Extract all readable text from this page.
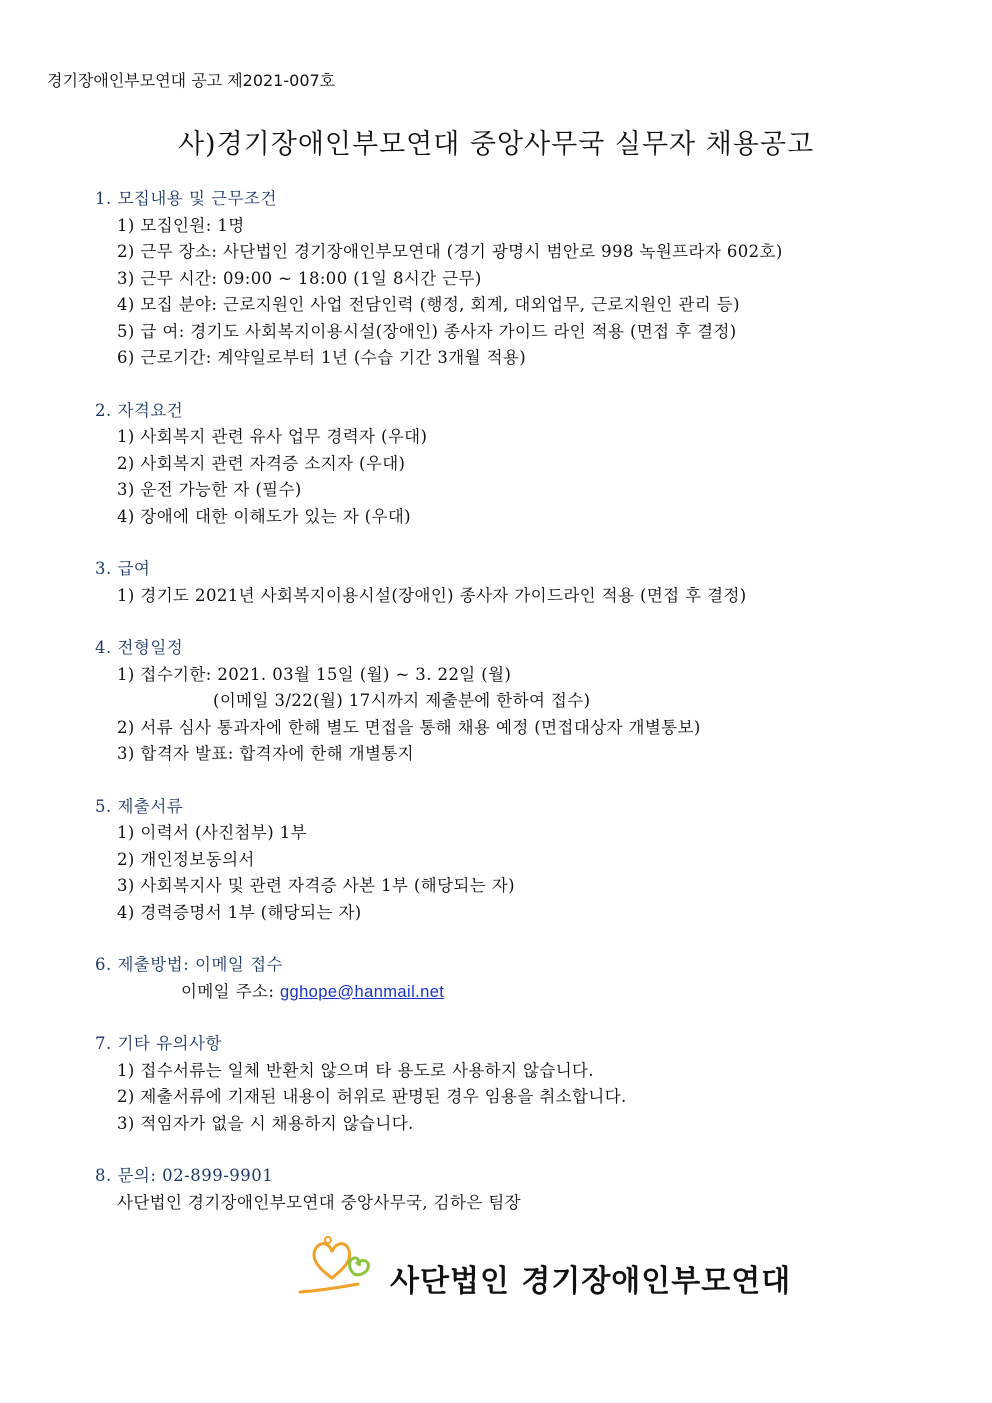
경기장애인부모연대 공고 제2021-007호
사)경기장애인부모연대 중앙사무국 실무자 채용공고
1. 모집내용 및 근무조건
1) 모집인원: 1명
2) 근무 장소: 사단법인 경기장애인부모연대 (경기 광명시 범안로 998 녹원프라자 602호)
3) 근무 시간: 09:00 ~ 18:00 (1일 8시간 근무)
4) 모집 분야: 근로지원인 사업 전담인력 (행정, 회계, 대외업무, 근로지원인 관리 등)
5) 급 여: 경기도 사회복지이용시설(장애인) 종사자 가이드 라인 적용 (면접 후 결정)
6) 근로기간: 계약일로부터 1년 (수습 기간 3개월 적용)
2. 자격요건
1) 사회복지 관련 유사 업무 경력자 (우대)
2) 사회복지 관련 자격증 소지자 (우대)
3) 운전 가능한 자 (필수)
4) 장애에 대한 이해도가 있는 자 (우대)
3. 급여
1) 경기도 2021년 사회복지이용시설(장애인) 종사자 가이드라인 적용 (면접 후 결정)
4. 전형일정
1) 접수기한: 2021. 03월 15일 (월) ~ 3. 22일 (월)
(이메일 3/22(월) 17시까지 제출분에 한하여 접수)
2) 서류 심사 통과자에 한해 별도 면접을 통해 채용 예정 (면접대상자 개별통보)
3) 합격자 발표: 합격자에 한해 개별통지
5. 제출서류
1) 이력서 (사진첨부) 1부
2) 개인정보동의서
3) 사회복지사 및 관련 자격증 사본 1부 (해당되는 자)
4) 경력증명서 1부 (해당되는 자)
6. 제출방법: 이메일 접수
이메일 주소: gghope@hanmail.net
7. 기타 유의사항
1) 접수서류는 일체 반환치 않으며 타 용도로 사용하지 않습니다.
2) 제출서류에 기재된 내용이 허위로 판명된 경우 임용을 취소합니다.
3) 적임자가 없을 시 채용하지 않습니다.
8. 문의: 02-899-9901
사단법인 경기장애인부모연대 중앙사무국, 김하은 팀장
사단법인 경기장애인부모연대
